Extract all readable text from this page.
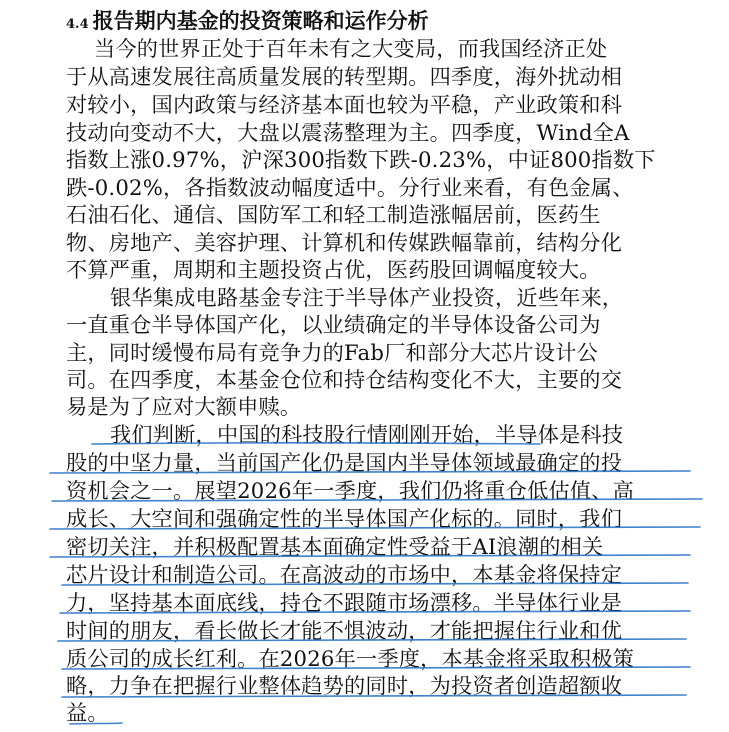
4.4 报告期内基金的投资策略和运作分析
当今的世界正处于百年未有之大变局，而我国经济正处
于从高速发展往高质量发展的转型期。四季度，海外扰动相
对较小，国内政策与经济基本面也较为平稳，产业政策和科
技动向变动不大，大盘以震荡整理为主。四季度，Wind全A
指数上涨0.97%，沪深300指数下跌-0.23%，中证800指数下
跌-0.02%，各指数波动幅度适中。分行业来看，有色金属、
石油石化、通信、国防军工和轻工制造涨幅居前，医药生
物、房地产、美容护理、计算机和传媒跌幅靠前，结构分化
不算严重，周期和主题投资占优，医药股回调幅度较大。
银华集成电路基金专注于半导体产业投资，近些年来，
一直重仓半导体国产化，以业绩确定的半导体设备公司为
主，同时缓慢布局有竞争力的Fab厂和部分大芯片设计公
司。在四季度，本基金仓位和持仓结构变化不大，主要的交
易是为了应对大额申赎。
我们判断，中国的科技股行情刚刚开始，半导体是科技
股的中坚力量，当前国产化仍是国内半导体领域最确定的投
资机会之一。展望2026年一季度，我们仍将重仓低估值、高
成长、大空间和强确定性的半导体国产化标的。同时，我们
密切关注，并积极配置基本面确定性受益于AI浪潮的相关
芯片设计和制造公司。在高波动的市场中，本基金将保持定
力，坚持基本面底线，持仓不跟随市场漂移。半导体行业是
时间的朋友，看长做长才能不惧波动，才能把握住行业和优
质公司的成长红利。在2026年一季度，本基金将采取积极策
略，力争在把握行业整体趋势的同时，为投资者创造超额收
益。
